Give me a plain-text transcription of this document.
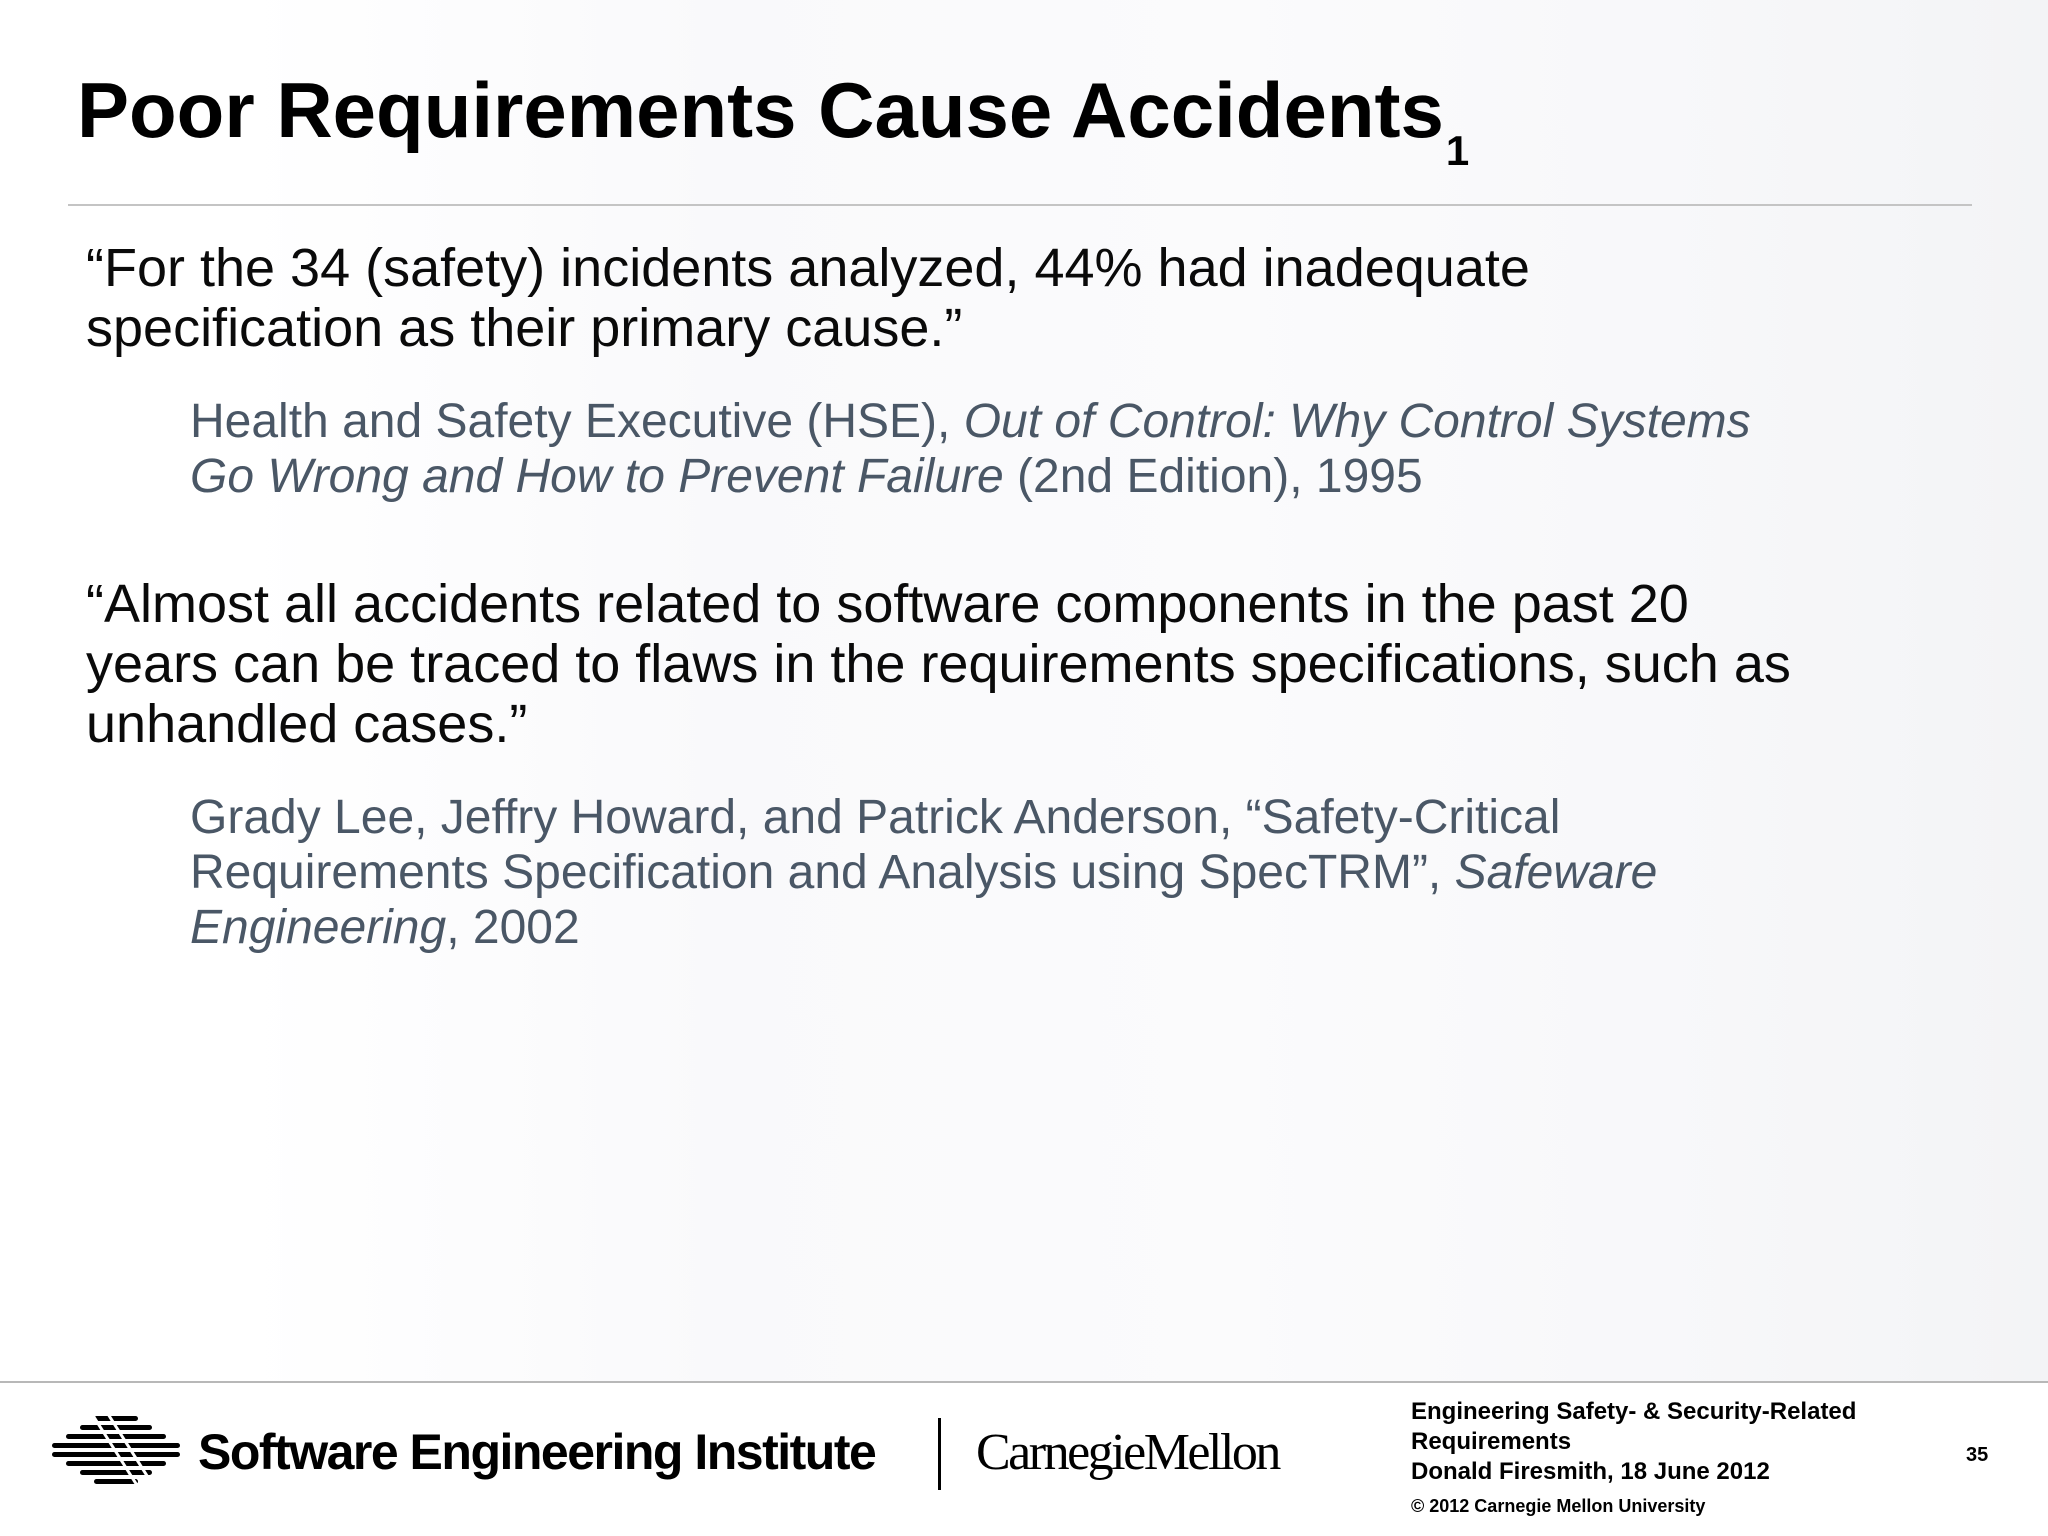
Poor Requirements Cause Accidents$_1$
“For the 34 (safety) incidents analyzed, 44% had inadequate
specification as their primary cause.”
Health and Safety Executive (HSE), Out of Control: Why Control Systems
Go Wrong and How to Prevent Failure (2nd Edition), 1995
“Almost all accidents related to software components in the past 20
years can be traced to flaws in the requirements specifications, such as
unhandled cases.”
Grady Lee, Jeffry Howard, and Patrick Anderson, “Safety-Critical
Requirements Specification and Analysis using SpecTRM”, Safeware
Engineering, 2002
Software Engineering Institute CarnegieMellon
Engineering Safety- & Security-Related
Requirements
Donald Firesmith, 18 June 2012
© 2012 Carnegie Mellon University
35
